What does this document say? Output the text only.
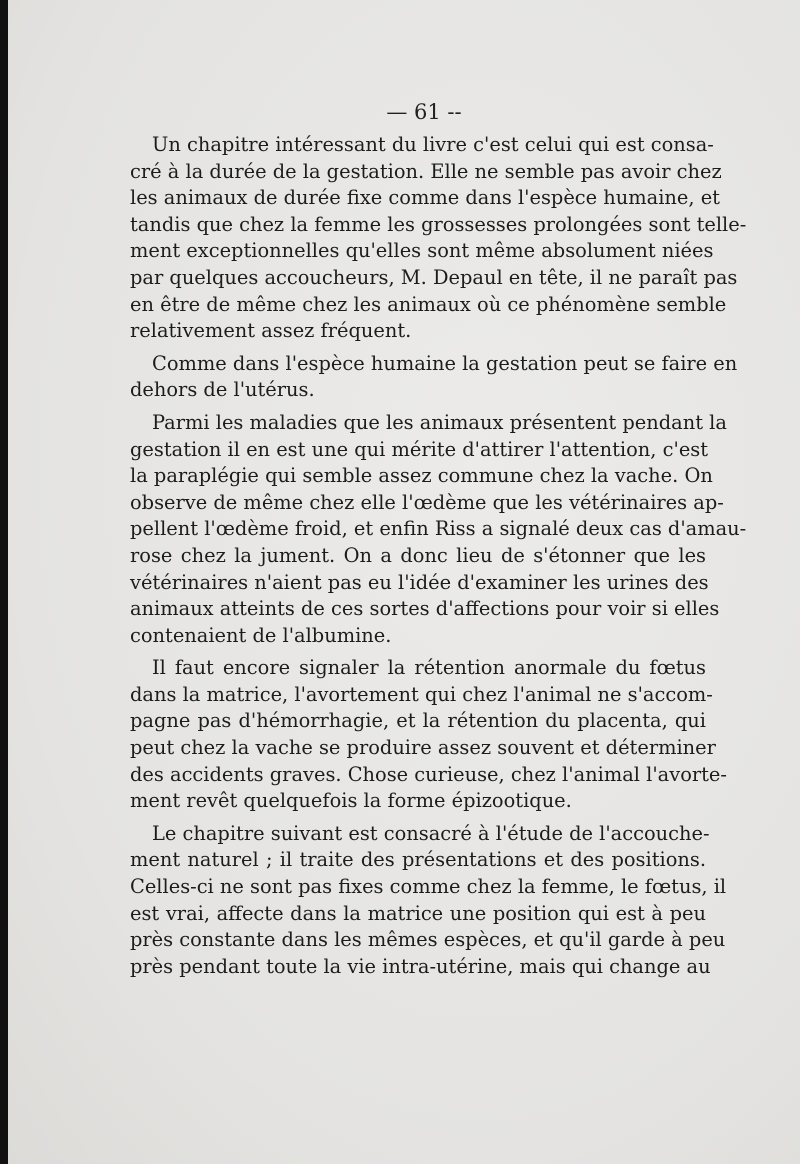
— 61 --
Un chapitre intéressant du livre c'est celui qui est consa-
cré à la durée de la gestation. Elle ne semble pas avoir chez
les animaux de durée fixe comme dans l'espèce humaine, et
tandis que chez la femme les grossesses prolongées sont telle-
ment exceptionnelles qu'elles sont même absolument niées
par quelques accoucheurs, M. Depaul en tête, il ne paraît pas
en être de même chez les animaux où ce phénomène semble
relativement assez fréquent.
Comme dans l'espèce humaine la gestation peut se faire en
dehors de l'utérus.
Parmi les maladies que les animaux présentent pendant la
gestation il en est une qui mérite d'attirer l'attention, c'est
la paraplégie qui semble assez commune chez la vache. On
observe de même chez elle l'œdème que les vétérinaires ap-
pellent l'œdème froid, et enfin Riss a signalé deux cas d'amau-
rose chez la jument. On a donc lieu de s'étonner que les
vétérinaires n'aient pas eu l'idée d'examiner les urines des
animaux atteints de ces sortes d'affections pour voir si elles
contenaient de l'albumine.
Il faut encore signaler la rétention anormale du fœtus
dans la matrice, l'avortement qui chez l'animal ne s'accom-
pagne pas d'hémorrhagie, et la rétention du placenta, qui
peut chez la vache se produire assez souvent et déterminer
des accidents graves. Chose curieuse, chez l'animal l'avorte-
ment revêt quelquefois la forme épizootique.
Le chapitre suivant est consacré à l'étude de l'accouche-
ment naturel ; il traite des présentations et des positions.
Celles-ci ne sont pas fixes comme chez la femme, le fœtus, il
est vrai, affecte dans la matrice une position qui est à peu
près constante dans les mêmes espèces, et qu'il garde à peu
près pendant toute la vie intra-utérine, mais qui change au
